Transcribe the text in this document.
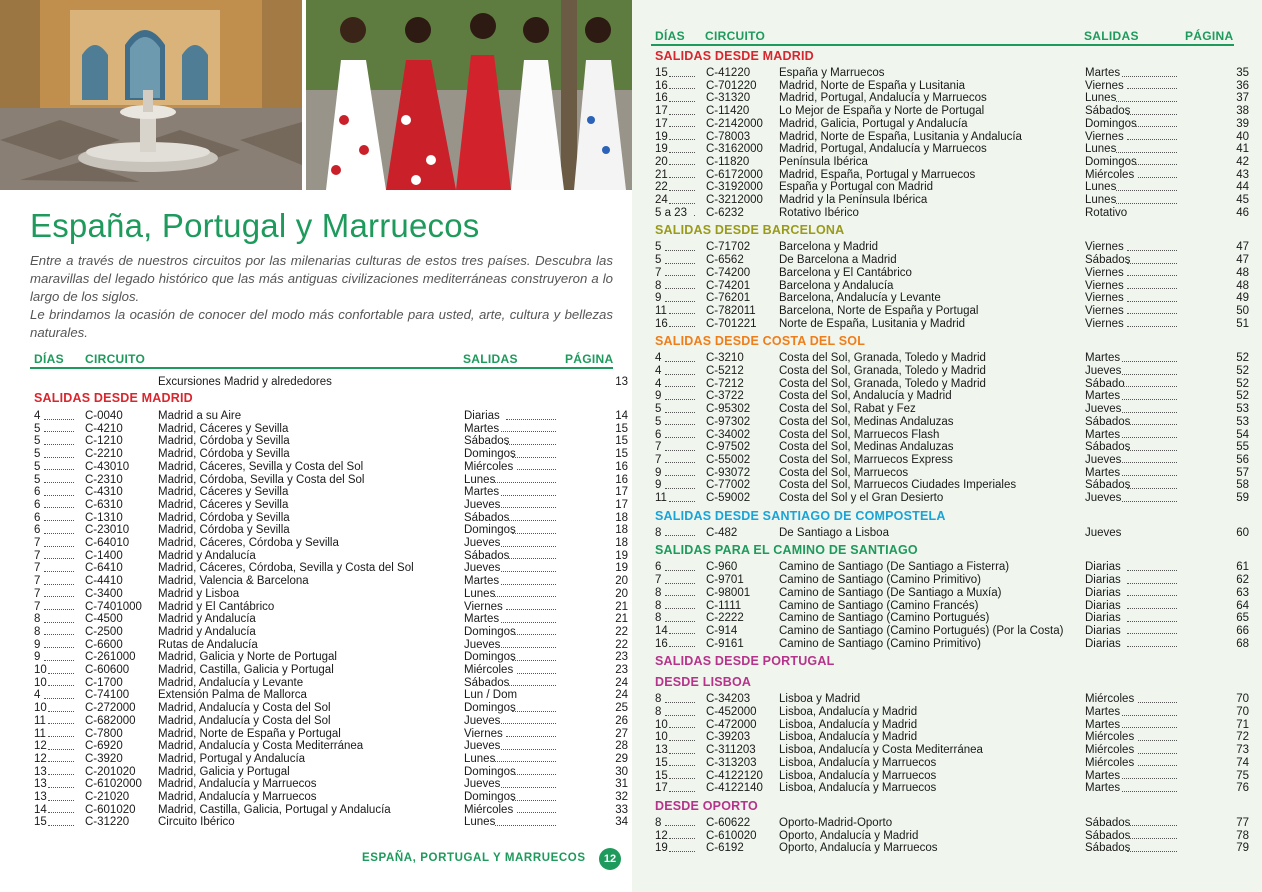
España, Portugal y Marruecos

Entre a través de nuestros circuitos por las milenarias culturas de estos tres países. Descubra las maravillas del legado histórico que las más antiguas civilizaciones mediterráneas construyeron a lo largo de los siglos.

Le brindamos la ocasión de conocer del modo más confortable para usted, arte, cultura y bellezas naturales.

DÍAS CIRCUITO	SALIDAS	PÁGINA
Excursiones Madrid y alrededores	13
SALIDAS DESDE MADRID
4	C-0040	Madrid a su Aire	Diarias	14
5	C-4210	Madrid, Cáceres y Sevilla	Martes	15
5	C-1210	Madrid, Córdoba y Sevilla	Sábados	15
5	C-2210	Madrid, Córdoba y Sevilla	Domingos	15
5	C-43010	Madrid, Cáceres, Sevilla y Costa del Sol	Miércoles	16
5	C-2310	Madrid, Córdoba, Sevilla y Costa del Sol	Lunes	16
6	C-4310	Madrid, Cáceres y Sevilla	Martes	17
6	C-6310	Madrid, Cáceres y Sevilla	Jueves	17
6	C-1310	Madrid, Córdoba y Sevilla	Sábados	18
6	C-23010	Madrid, Córdoba y Sevilla	Domingos	18
7	C-64010	Madrid, Cáceres, Córdoba y Sevilla	Jueves	18
7	C-1400	Madrid y Andalucía	Sábados	19
7	C-6410	Madrid, Cáceres, Córdoba, Sevilla y Costa del Sol	Jueves	19
7	C-4410	Madrid, Valencia & Barcelona	Martes	20
7	C-3400	Madrid y Lisboa	Lunes	20
7	C-7401000	Madrid y El Cantábrico	Viernes	21
8	C-4500	Madrid y Andalucía	Martes	21
8	C-2500	Madrid y Andalucía	Domingos	22
9	C-6600	Rutas de Andalucía	Jueves	22
9	C-261000	Madrid, Galicia y Norte de Portugal	Domingos	23
10	C-60600	Madrid, Castilla, Galicia y Portugal	Miércoles	23
10	C-1700	Madrid, Andalucía y Levante	Sábados	24
4	C-74100	Extensión Palma de Mallorca	Lun / Dom	24
10	C-272000	Madrid, Andalucía y Costa del Sol	Domingos	25
11	C-682000	Madrid, Andalucía y Costa del Sol	Jueves	26
11	C-7800	Madrid, Norte de España y Portugal	Viernes	27
12	C-6920	Madrid, Andalucía y Costa Mediterránea	Jueves	28
12	C-3920	Madrid, Portugal y Andalucía	Lunes	29
13	C-201020	Madrid, Galicia y Portugal	Domingos	30
13	C-6102000	Madrid, Andalucía y Marruecos	Jueves	31
13	C-21020	Madrid, Andalucía y Marruecos	Domingos	32
14	C-601020	Madrid, Castilla, Galicia, Portugal y Andalucía	Miércoles	33
15	C-31220	Circuito Ibérico	Lunes	34
ESPAÑA, PORTUGAL Y MARRUECOS	12
DÍAS CIRCUITO	SALIDAS	PÁGINA
SALIDAS DESDE MADRID
15	C-41220	España y Marruecos	Martes	35
16	C-701220	Madrid, Norte de España y Lusitania	Viernes	36
16	C-31320	Madrid, Portugal, Andalucía y Marruecos	Lunes	37
17	C-11420	Lo Mejor de España y Norte de Portugal	Sábados	38
17	C-2142000	Madrid, Galicia, Portugal y Andalucía	Domingos	39
19	C-78003	Madrid, Norte de España, Lusitania y Andalucía	Viernes	40
19	C-3162000	Madrid, Portugal, Andalucía y Marruecos	Lunes	41
20	C-11820	Península Ibérica	Domingos	42
21	C-6172000	Madrid, España, Portugal y Marruecos	Miércoles	43
22	C-3192000	España y Portugal con Madrid	Lunes	44
24	C-3212000	Madrid y la Península Ibérica	Lunes	45
5 a 23 C-6232	Rotativo Ibérico	Rotativo	46
SALIDAS DESDE BARCELONA
5	C-71702	Barcelona y Madrid	Viernes	47
5	C-6562	De Barcelona a Madrid	Sábados	47
7	C-74200	Barcelona y El Cantábrico	Viernes	48
8	C-74201	Barcelona y Andalucía	Viernes	48
9	C-76201	Barcelona, Andalucía y Levante	Viernes	49
11	C-782011	Barcelona, Norte de España y Portugal	Viernes	50
16	C-701221	Norte de España, Lusitania y Madrid	Viernes	51
SALIDAS DESDE COSTA DEL SOL
4	C-3210	Costa del Sol, Granada, Toledo y Madrid	Martes	52
4	C-5212	Costa del Sol, Granada, Toledo y Madrid	Jueves	52
4	C-7212	Costa del Sol, Granada, Toledo y Madrid	Sábado	52
9	C-3722	Costa del Sol, Andalucía y Madrid	Martes	52
5	C-95302	Costa del Sol, Rabat y Fez	Jueves	53
5	C-97302	Costa del Sol, Medinas Andaluzas	Sábados	53
6	C-34002	Costa del Sol, Marruecos Flash	Martes	54
7	C-97502	Costa del Sol, Medinas Andaluzas	Sábados	55
7	C-55002	Costa del Sol, Marruecos Express	Jueves	56
9	C-93072	Costa del Sol, Marruecos	Martes	57
9	C-77002	Costa del Sol, Marruecos Ciudades Imperiales	Sábados	58
11	C-59002	Costa del Sol y el Gran Desierto	Jueves	59
SALIDAS DESDE SANTIAGO DE COMPOSTELA
8	C-482	De Santiago a Lisboa	Jueves	60
SALIDAS PARA EL CAMINO DE SANTIAGO
6	C-960	Camino de Santiago (De Santiago a Fisterra)	Diarias	61
7	C-9701	Camino de Santiago (Camino Primitivo)	Diarias	62
8	C-98001	Camino de Santiago (De Santiago a Muxía)	Diarias	63
8	C-1111	Camino de Santiago (Camino Francés)	Diarias	64
8	C-2222	Camino de Santiago (Camino Portugués)	Diarias	65
14	C-914	Camino de Santiago (Camino Portugués) (Por la Costa)	Diarias	66
16	C-9161	Camino de Santiago (Camino Primitivo)	Diarias	68
SALIDAS DESDE PORTUGAL
DESDE LISBOA
8	C-34203	Lisboa y Madrid	Miércoles	70
8	C-452000	Lisboa, Andalucía y Madrid	Martes	70
10	C-472000	Lisboa, Andalucía y Madrid	Martes	71
10	C-39203	Lisboa, Andalucía y Madrid	Miércoles	72
13	C-311203	Lisboa, Andalucía y Costa Mediterránea	Miércoles	73
15	C-313203	Lisboa, Andalucía y Marruecos	Miércoles	74
15	C-4122120	Lisboa, Andalucía y Marruecos	Martes	75
17	C-4122140	Lisboa, Andalucía y Marruecos	Martes	76
DESDE OPORTO
8	C-60622	Oporto-Madrid-Oporto	Sábados	77
12	C-610020	Oporto, Andalucía y Madrid	Sábados	78
19	C-6192	Oporto, Andalucía y Marruecos	Sábados	79
